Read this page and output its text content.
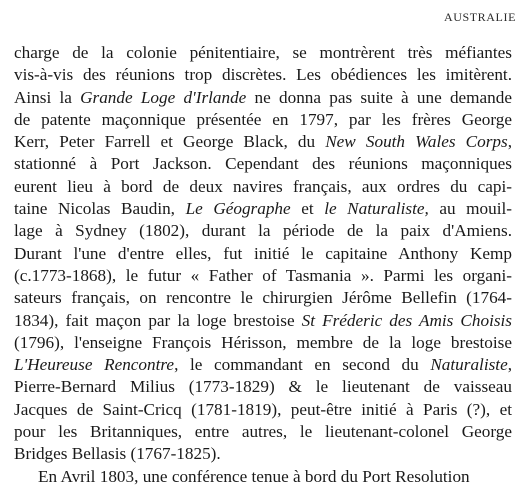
AUSTRALIE
charge de la colonie pénitentiaire, se montrèrent très méfiantes
vis-à-vis des réunions trop discrètes. Les obédiences les imitèrent.
Ainsi la Grande Loge d'Irlande ne donna pas suite à une demande
de patente maçonnique présentée en 1797, par les frères George
Kerr, Peter Farrell et George Black, du New South Wales Corps,
stationné à Port Jackson. Cependant des réunions maçonniques
eurent lieu à bord de deux navires français, aux ordres du capi-
taine Nicolas Baudin, Le Géographe et le Naturaliste, au mouil-
lage à Sydney (1802), durant la période de la paix d'Amiens.
Durant l'une d'entre elles, fut initié le capitaine Anthony Kemp
(c.1773-1868), le futur « Father of Tasmania ». Parmi les organi-
sateurs français, on rencontre le chirurgien Jérôme Bellefin (1764-
1834), fait maçon par la loge brestoise St Fréderic des Amis Choisis
(1796), l'enseigne François Hérisson, membre de la loge brestoise
L'Heureuse Rencontre, le commandant en second du Naturaliste,
Pierre-Bernard Milius (1773-1829) & le lieutenant de vaisseau
Jacques de Saint-Cricq (1781-1819), peut-être initié à Paris (?), et
pour les Britanniques, entre autres, le lieutenant-colonel George
Bridges Bellasis (1767-1825).
En Avril 1803, une conférence tenue à bord du Port Resolution
